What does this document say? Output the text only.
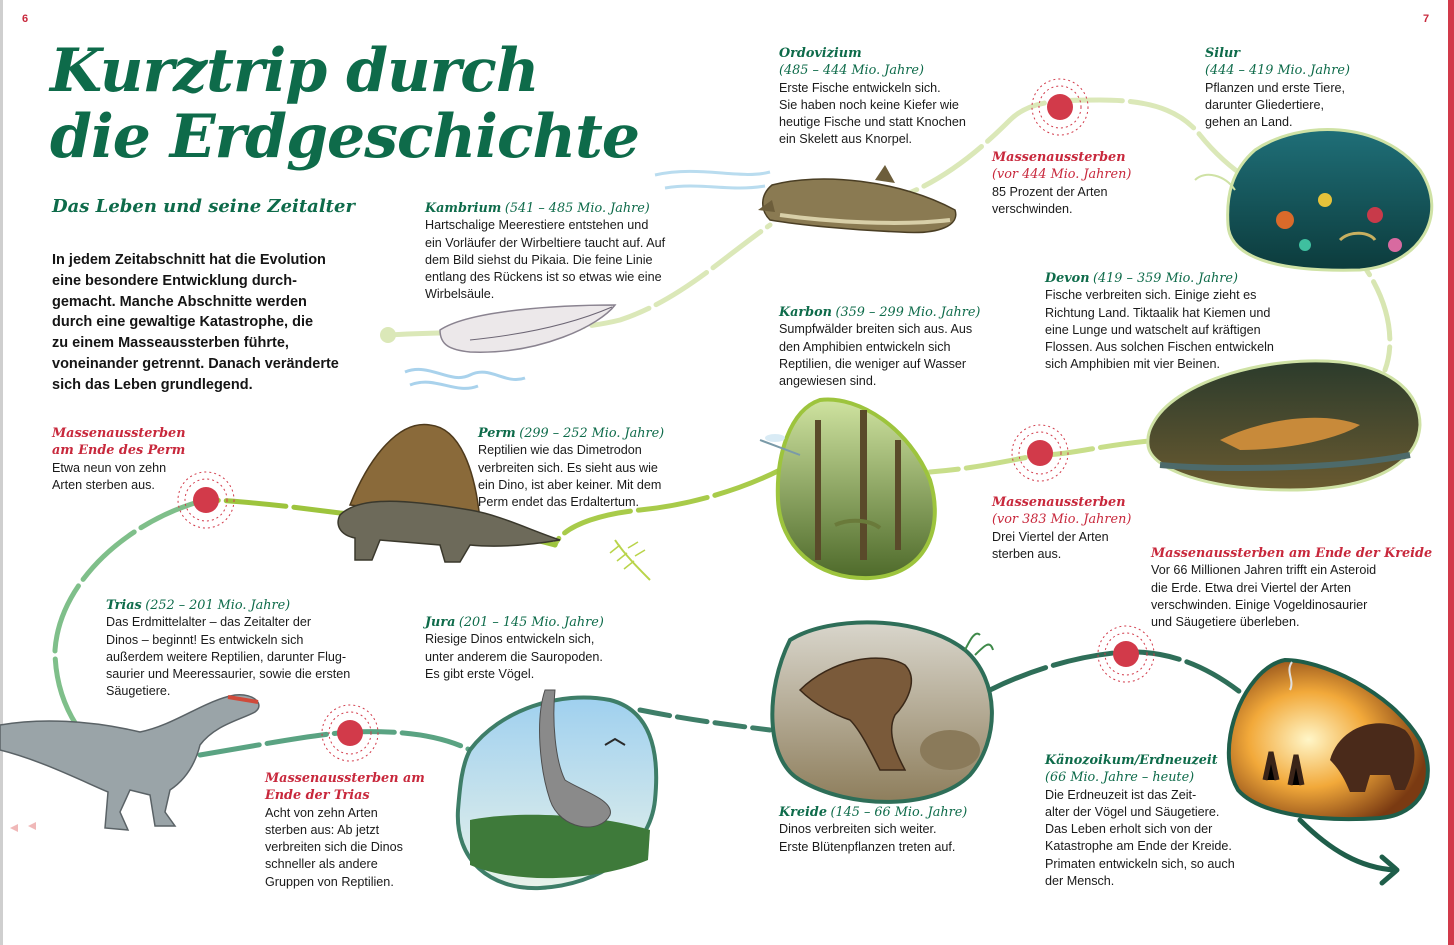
6	7
Kurztrip durch
die Erdgeschichte
Das Leben und seine Zeitalter

In jedem Zeitabschnitt hat die Evolution
eine besondere Entwicklung durch-
gemacht. Manche Abschnitte werden
durch eine gewaltige Katastrophe, die
zu einem Masseaussterben führte,
voneinander getrennt. Danach veränderte
sich das Leben grundlegend.

Kambrium (541 – 485 Mio. Jahre)
Hartschalige Meerestiere entstehen und
ein Vorläufer der Wirbeltiere taucht auf. Auf
dem Bild siehst du Pikaia. Die feine Linie
entlang des Rückens ist so etwas wie eine
Wirbelsäule.
Ordovizium
(485 – 444 Mio. Jahre)
Erste Fische entwickeln sich.
Sie haben noch keine Kiefer wie
heutige Fische und statt Knochen
ein Skelett aus Knorpel.
Silur
(444 – 419 Mio. Jahre)
Pflanzen und erste Tiere,
darunter Gliedertiere,
gehen an Land.
Massenaussterben
(vor 444 Mio. Jahren)
85 Prozent der Arten
verschwinden.
Devon (419 – 359 Mio. Jahre)
Fische verbreiten sich. Einige zieht es
Richtung Land. Tiktaalik hat Kiemen und
eine Lunge und watschelt auf kräftigen
Flossen. Aus solchen Fischen entwickeln
sich Amphibien mit vier Beinen.
Karbon (359 – 299 Mio. Jahre)
Sumpfwälder breiten sich aus. Aus
den Amphibien entwickeln sich
Reptilien, die weniger auf Wasser
angewiesen sind.
Massenaussterben
(vor 383 Mio. Jahren)
Drei Viertel der Arten
sterben aus.
Perm (299 – 252 Mio. Jahre)
Reptilien wie das Dimetrodon
verbreiten sich. Es sieht aus wie
ein Dino, ist aber keiner. Mit dem
Perm endet das Erdaltertum.
Massenaussterben
am Ende des Perm
Etwa neun von zehn
Arten sterben aus.
Trias (252 – 201 Mio. Jahre)
Das Erdmittelalter – das Zeitalter der
Dinos – beginnt! Es entwickeln sich
außerdem weitere Reptilien, darunter Flug-
saurier und Meeressaurier, sowie die ersten
Säugetiere.
Jura (201 – 145 Mio. Jahre)
Riesige Dinos entwickeln sich,
unter anderem die Sauropoden.
Es gibt erste Vögel.
Massenaussterben am
Ende der Trias
Acht von zehn Arten
sterben aus: Ab jetzt
verbreiten sich die Dinos
schneller als andere
Gruppen von Reptilien.
Kreide (145 – 66 Mio. Jahre)
Dinos verbreiten sich weiter.
Erste Blütenpflanzen treten auf.
Massenaussterben am Ende der Kreide
Vor 66 Millionen Jahren trifft ein Asteroid
die Erde. Etwa drei Viertel der Arten
verschwinden. Einige Vogeldinosaurier
und Säugetiere überleben.
Känozoikum/Erdneuzeit
(66 Mio. Jahre – heute)
Die Erdneuzeit ist das Zeit-
alter der Vögel und Säugetiere.
Das Leben erholt sich von der
Katastrophe am Ende der Kreide.
Primaten entwickeln sich, so auch
der Mensch.
